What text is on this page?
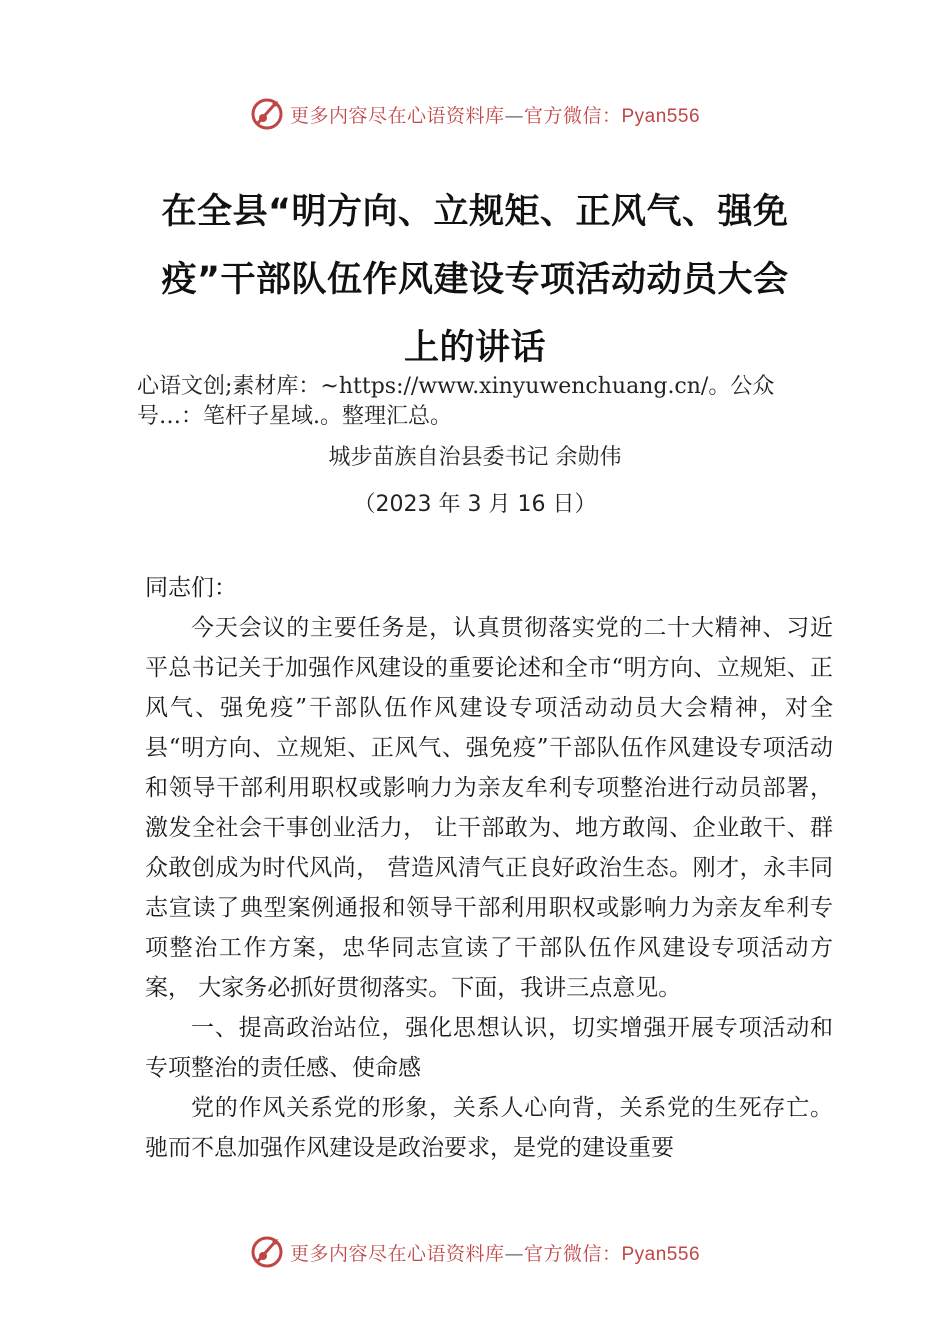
更多内容尽在心语资料库—官方微信：Pyan556
在全县“明方向、立规矩、正风气、强免疫”干部队伍作风建设专项活动动员大会上的讲话

心语文创;素材库：~https://www.xinyuwenchuang.cn/。公众号…：笔杆子星域.。整理汇总。

城步苗族自治县委书记 余勋伟

（2023 年 3 月 16 日）

同志们：

今天会议的主要任务是，认真贯彻落实党的二十大精神、习近平总书记关于加强作风建设的重要论述和全市“明方向、立规矩、正风气、强免疫”干部队伍作风建设专项活动动员大会精神，对全县“明方向、立规矩、正风气、强免疫”干部队伍作风建设专项活动和领导干部利用职权或影响力为亲友牟利专项整治进行动员部署，激发全社会干事创业活力， 让干部敢为、地方敢闯、企业敢干、群众敢创成为时代风尚， 营造风清气正良好政治生态。刚才，永丰同志宣读了典型案例通报和领导干部利用职权或影响力为亲友牟利专项整治工作方案，忠华同志宣读了干部队伍作风建设专项活动方案， 大家务必抓好贯彻落实。下面，我讲三点意见。

一、提高政治站位，强化思想认识，切实增强开展专项活动和专项整治的责任感、使命感

党的作风关系党的形象，关系人心向背，关系党的生死存亡。驰而不息加强作风建设是政治要求，是党的建设重要

更多内容尽在心语资料库—官方微信：Pyan556
